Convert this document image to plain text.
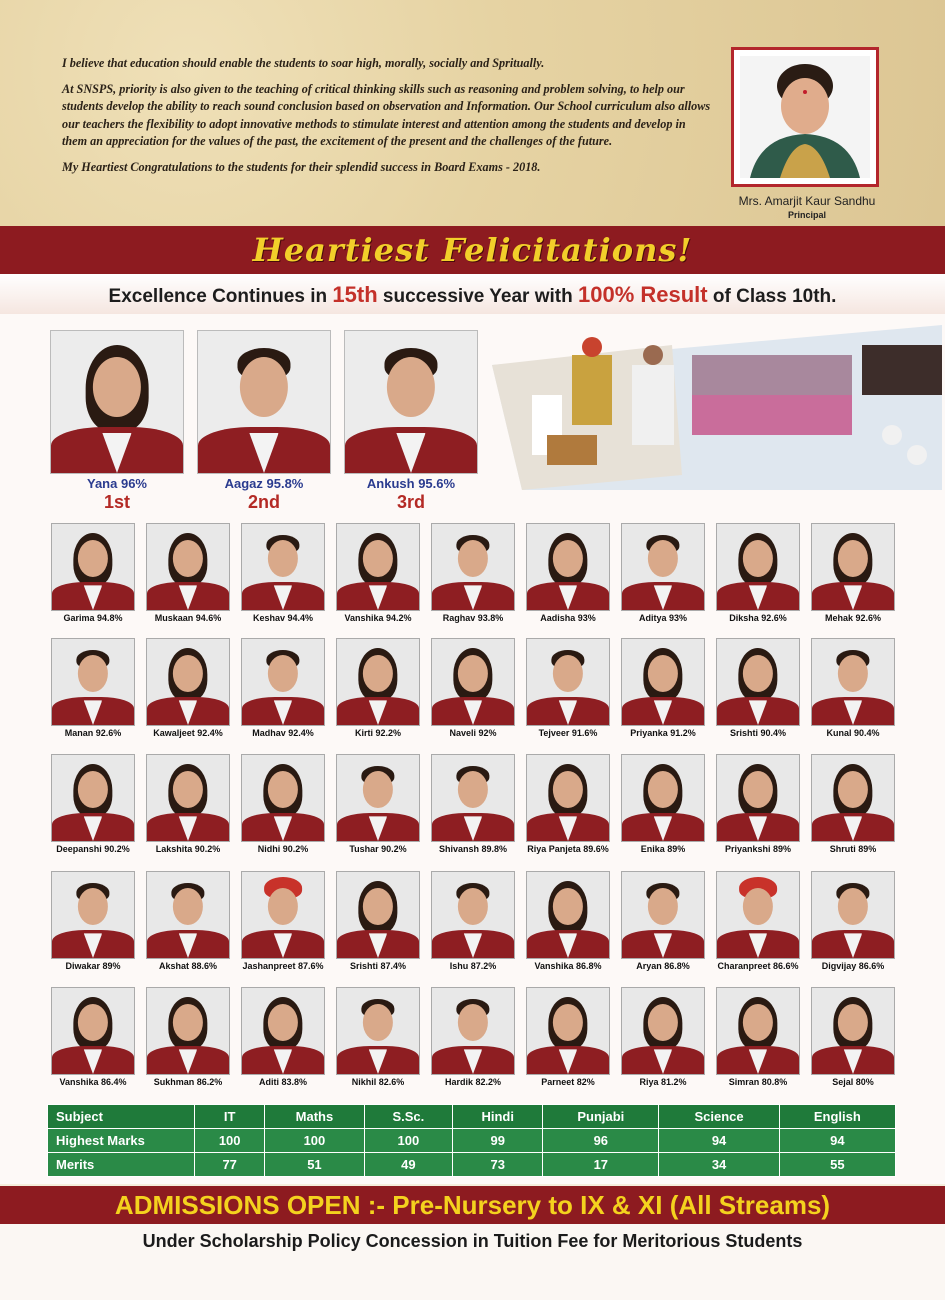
I believe that education should enable the students to soar high, morally, socially and Spritually.

At SNSPS, priority is also given to the teaching of critical thinking skills such as reasoning and problem solving, to help our students develop the ability to reach sound conclusion based on observation and Information. Our School curriculum also allows our teachers the flexibility to adopt innovative methods to stimulate interest and attention among the students and develop in them an appreciation for the values of the past, the excitement of the present and the challenges of the future.

My Heartiest Congratulations to the students for their splendid success in Board Exams - 2018.

Mrs. Amarjit Kaur Sandhu
Principal
Heartiest Felicitations!
Excellence Continues in 15th successive Year with 100% Result of Class 10th.
Yana 96%
1st
Aagaz 95.8%
2nd
Ankush 95.6%
3rd
Garima 94.8%	Muskaan 94.6%	Keshav 94.4%	Vanshika 94.2%	Raghav 93.8%	Aadisha 93%	Aditya 93%	Diksha 92.6%	Mehak 92.6%
Manan 92.6%	Kawaljeet 92.4%	Madhav 92.4%	Kirti 92.2%	Naveli 92%	Tejveer 91.6%	Priyanka 91.2%	Srishti 90.4%	Kunal 90.4%
Deepanshi 90.2%	Lakshita 90.2%	Nidhi 90.2%	Tushar 90.2%	Shivansh 89.8%	Riya Panjeta 89.6%	Enika 89%	Priyankshi 89%	Shruti 89%
Diwakar 89%	Akshat 88.6%	Jashanpreet 87.6%	Srishti 87.4%	Ishu 87.2%	Vanshika 86.8%	Aryan 86.8%	Charanpreet 86.6%	Digvijay 86.6%
Vanshika 86.4%	Sukhman 86.2%	Aditi 83.8%	Nikhil 82.6%	Hardik 82.2%	Parneet 82%	Riya 81.2%	Simran 80.8%	Sejal 80%
Subject	IT	Maths	S.Sc.	Hindi	Punjabi	Science	English
Highest Marks	100	100	100	99	96	94	94
Merits	77	51	49	73	17	34	55
ADMISSIONS OPEN :- Pre-Nursery to IX & XI (All Streams)
Under Scholarship Policy Concession in Tuition Fee for Meritorious Students
